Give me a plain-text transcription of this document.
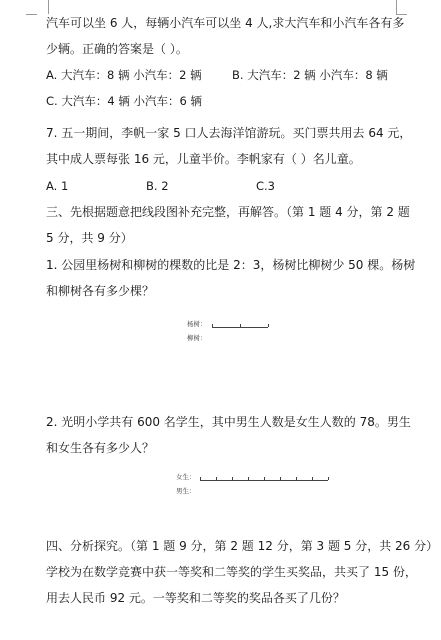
汽车可以坐 6 人，每辆小汽车可以坐 4 人,求大汽车和小汽车各有多
少辆。正确的答案是（ ）。
A. 大汽车：8 辆 小汽车：2 辆	B. 大汽车：2 辆 小汽车：8 辆
C. 大汽车：4 辆 小汽车：6 辆
7. 五一期间，李帆一家 5 口人去海洋馆游玩。买门票共用去 64 元，
其中成人票每张 16 元，儿童半价。李帆家有（ ）名儿童。
A. 1	B. 2	C.3
三、先根据题意把线段图补充完整，再解答。（第 1 题 4 分，第 2 题
5 分，共 9 分）
1. 公园里杨树和柳树的棵数的比是 2：3，杨树比柳树少 50 棵。杨树
和柳树各有多少棵？
杨树：
柳树：
2. 光明小学共有 600 名学生，其中男生人数是女生人数的 78。男生
和女生各有多少人？
女生：
男生：
四、分析探究。（第 1 题 9 分，第 2 题 12 分，第 3 题 5 分，共 26 分）
学校为在数学竞赛中获一等奖和二等奖的学生买奖品，共买了 15 份，
用去人民币 92 元。一等奖和二等奖的奖品各买了几份？
